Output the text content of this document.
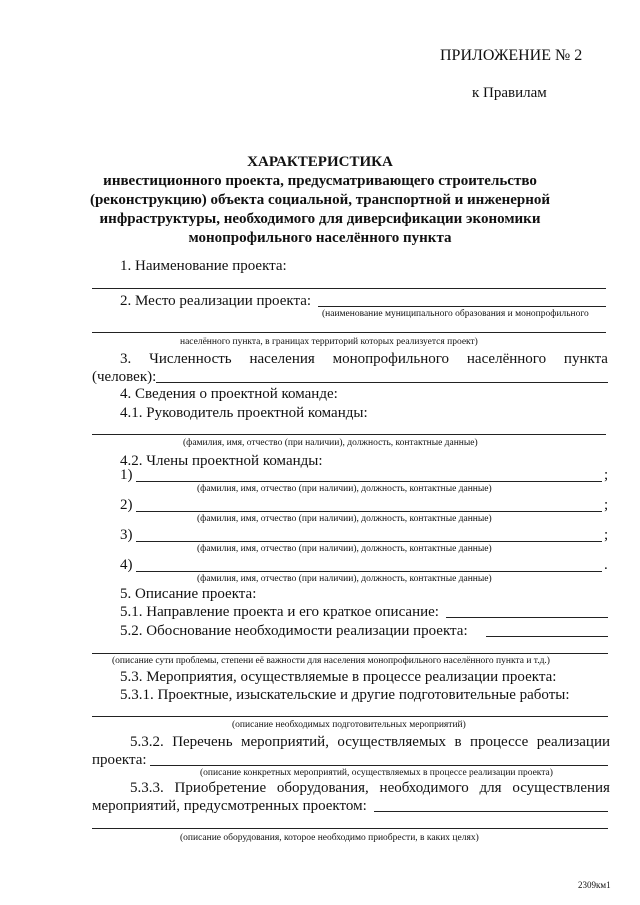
ПРИЛОЖЕНИЕ № 2
к Правилам
ХАРАКТЕРИСТИКА
инвестиционного проекта, предусматривающего строительство
(реконструкцию) объекта социальной, транспортной и инженерной
инфраструктуры, необходимого для диверсификации экономики
монопрофильного населённого пункта
1. Наименование проекта:
2. Место реализации проекта:
(наименование муниципального образования и монопрофильного
населённого пункта, в границах территорий которых реализуется проект)
3. Численность населения монопрофильного населённого пункта
(человек):
4. Сведения о проектной команде:
4.1. Руководитель проектной команды:
(фамилия, имя, отчество (при наличии), должность, контактные данные)
4.2. Члены проектной команды:
1)	;
(фамилия, имя, отчество (при наличии), должность, контактные данные)
2)	;
(фамилия, имя, отчество (при наличии), должность, контактные данные)
3)	;
(фамилия, имя, отчество (при наличии), должность, контактные данные)
4)	.
(фамилия, имя, отчество (при наличии), должность, контактные данные)
5. Описание проекта:
5.1. Направление проекта и его краткое описание:
5.2. Обоснование необходимости реализации проекта:
(описание сути проблемы, степени её важности для населения монопрофильного населённого пункта и т.д.)
5.3. Мероприятия, осуществляемые в процессе реализации проекта:
5.3.1. Проектные, изыскательские и другие подготовительные работы:
(описание необходимых подготовительных мероприятий)
5.3.2. Перечень мероприятий, осуществляемых в процессе реализации
проекта:
(описание конкретных мероприятий, осуществляемых в процессе реализации проекта)
5.3.3. Приобретение оборудования, необходимого для осуществления
мероприятий, предусмотренных проектом:
(описание оборудования, которое необходимо приобрести, в каких целях)
2309км1
